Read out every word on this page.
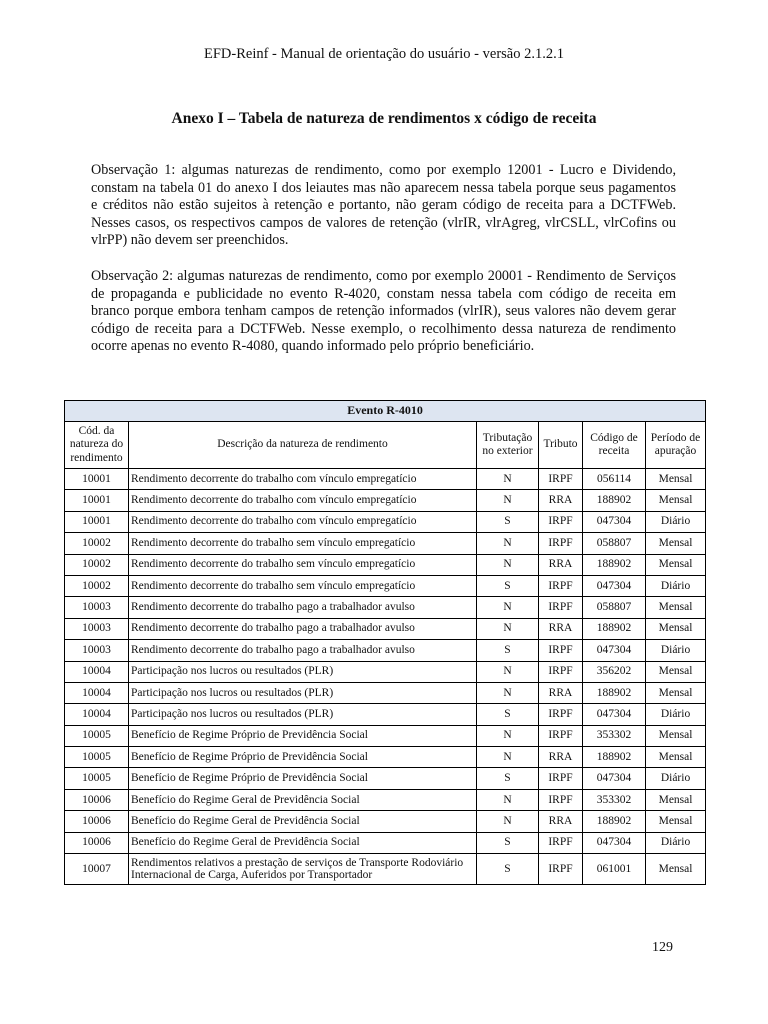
EFD-Reinf - Manual de orientação do usuário - versão 2.1.2.1
Anexo I – Tabela de natureza de rendimentos x código de receita

Observação 1: algumas naturezas de rendimento, como por exemplo 12001 - Lucro e Dividendo, constam na tabela 01 do anexo I dos leiautes mas não aparecem nessa tabela porque seus pagamentos e créditos não estão sujeitos à retenção e portanto, não geram código de receita para a DCTFWeb. Nesses casos, os respectivos campos de valores de retenção (vlrIR, vlrAgreg, vlrCSLL, vlrCofins ou vlrPP) não devem ser preenchidos.

Observação 2: algumas naturezas de rendimento, como por exemplo 20001 - Rendimento de Serviços de propaganda e publicidade no evento R-4020, constam nessa tabela com código de receita em branco porque embora tenham campos de retenção informados (vlrIR), seus valores não devem gerar código de receita para a DCTFWeb. Nesse exemplo, o recolhimento dessa natureza de rendimento ocorre apenas no evento R-4080, quando informado pelo próprio beneficiário.

Evento R-4010					
Cód. da natureza do rendimento	Descrição da natureza de rendimento	Tributação no exterior	Tributo	Código de receita	Período de apuração
10001	Rendimento decorrente do trabalho com vínculo empregatício	N	IRPF	056114	Mensal
10001	Rendimento decorrente do trabalho com vínculo empregatício	N	RRA	188902	Mensal
10001	Rendimento decorrente do trabalho com vínculo empregatício	S	IRPF	047304	Diário
10002	Rendimento decorrente do trabalho sem vínculo empregatício	N	IRPF	058807	Mensal
10002	Rendimento decorrente do trabalho sem vínculo empregatício	N	RRA	188902	Mensal
10002	Rendimento decorrente do trabalho sem vínculo empregatício	S	IRPF	047304	Diário
10003	Rendimento decorrente do trabalho pago a trabalhador avulso	N	IRPF	058807	Mensal
10003	Rendimento decorrente do trabalho pago a trabalhador avulso	N	RRA	188902	Mensal
10003	Rendimento decorrente do trabalho pago a trabalhador avulso	S	IRPF	047304	Diário
10004	Participação nos lucros ou resultados (PLR)	N	IRPF	356202	Mensal
10004	Participação nos lucros ou resultados (PLR)	N	RRA	188902	Mensal
10004	Participação nos lucros ou resultados (PLR)	S	IRPF	047304	Diário
10005	Benefício de Regime Próprio de Previdência Social	N	IRPF	353302	Mensal
10005	Benefício de Regime Próprio de Previdência Social	N	RRA	188902	Mensal
10005	Benefício de Regime Próprio de Previdência Social	S	IRPF	047304	Diário
10006	Benefício do Regime Geral de Previdência Social	N	IRPF	353302	Mensal
10006	Benefício do Regime Geral de Previdência Social	N	RRA	188902	Mensal
10006	Benefício do Regime Geral de Previdência Social	S	IRPF	047304	Diário
10007	Rendimentos relativos a prestação de serviços de Transporte Rodoviário Internacional de Carga, Auferidos por Transportador	S	IRPF	061001	Mensal
129
